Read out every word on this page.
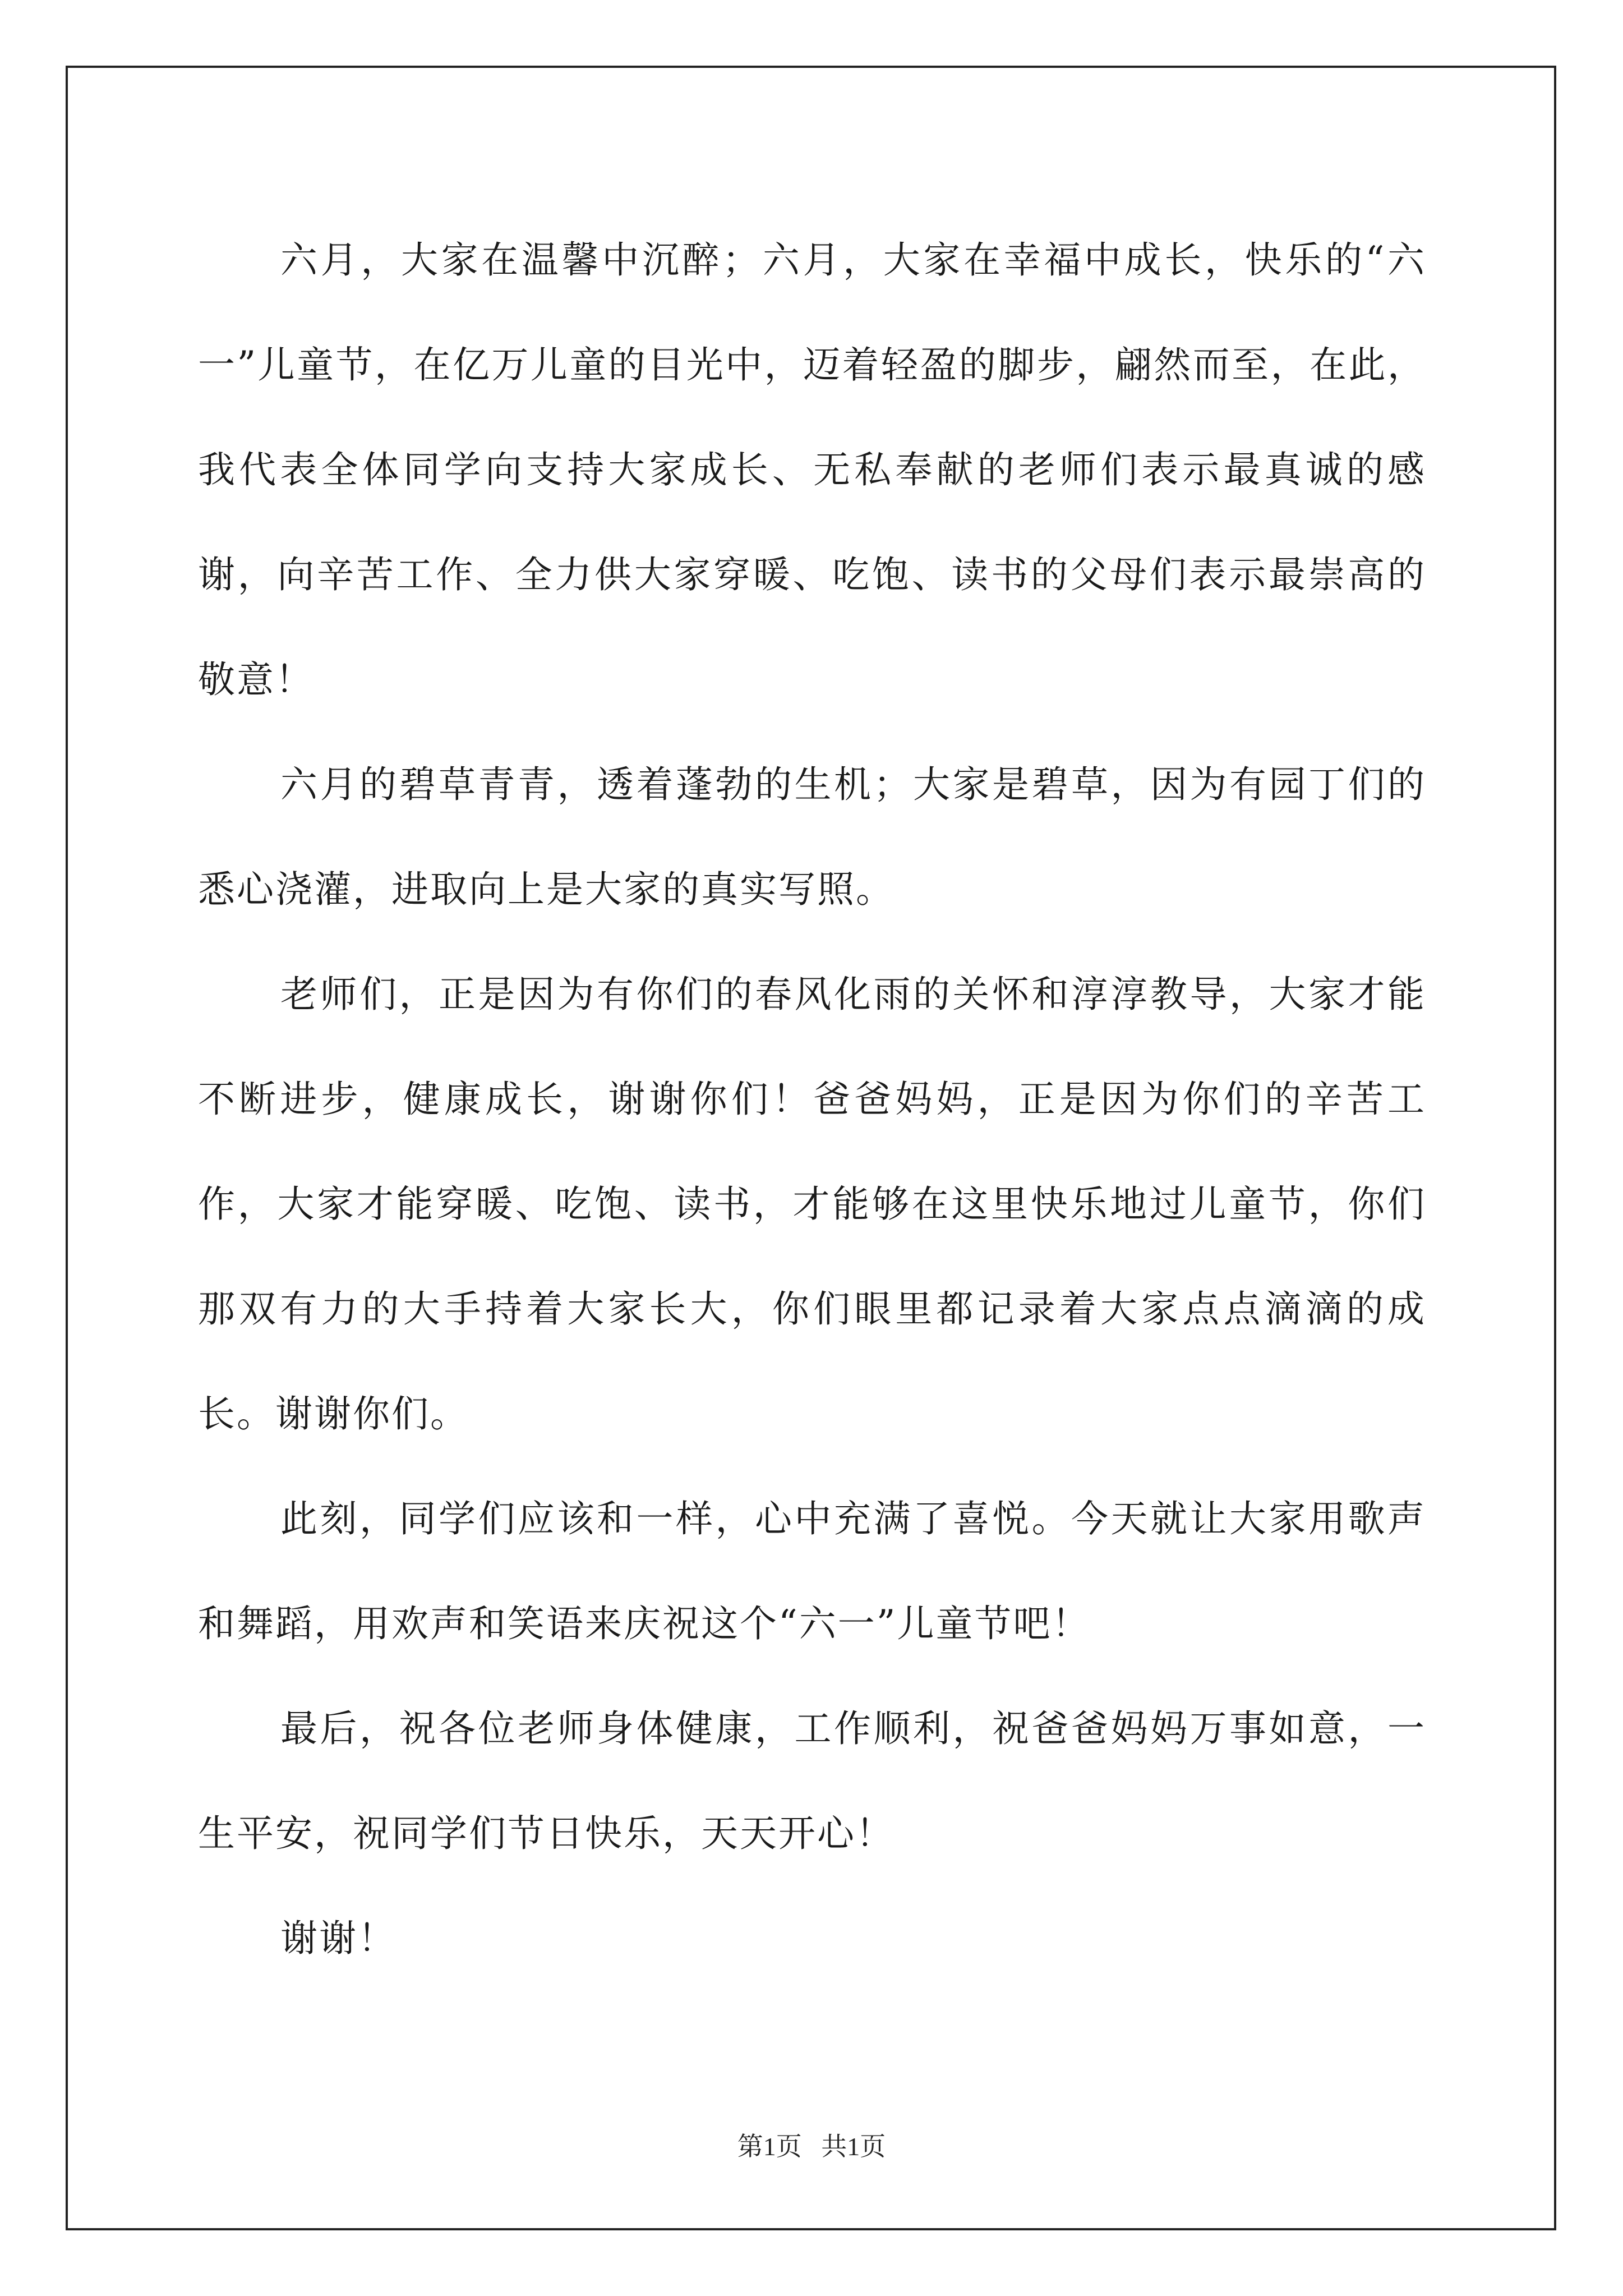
六月，大家在温馨中沉醉；六月，大家在幸福中成长，快乐的“六一”儿童节，在亿万儿童的目光中，迈着轻盈的脚步，翩然而至，在此，我代表全体同学向支持大家成长、无私奉献的老师们表示最真诚的感谢，向辛苦工作、全力供大家穿暖、吃饱、读书的父母们表示最崇高的敬意！

六月的碧草青青，透着蓬勃的生机；大家是碧草，因为有园丁们的悉心浇灌，进取向上是大家的真实写照。

老师们，正是因为有你们的春风化雨的关怀和淳淳教导，大家才能不断进步，健康成长，谢谢你们！爸爸妈妈，正是因为你们的辛苦工作，大家才能穿暖、吃饱、读书，才能够在这里快乐地过儿童节，你们那双有力的大手持着大家长大，你们眼里都记录着大家点点滴滴的成长。谢谢你们。

此刻，同学们应该和一样，心中充满了喜悦。今天就让大家用歌声和舞蹈，用欢声和笑语来庆祝这个“六一”儿童节吧！

最后，祝各位老师身体健康，工作顺利，祝爸爸妈妈万事如意，一生平安，祝同学们节日快乐，天天开心！

谢谢！

第1页   共1页
